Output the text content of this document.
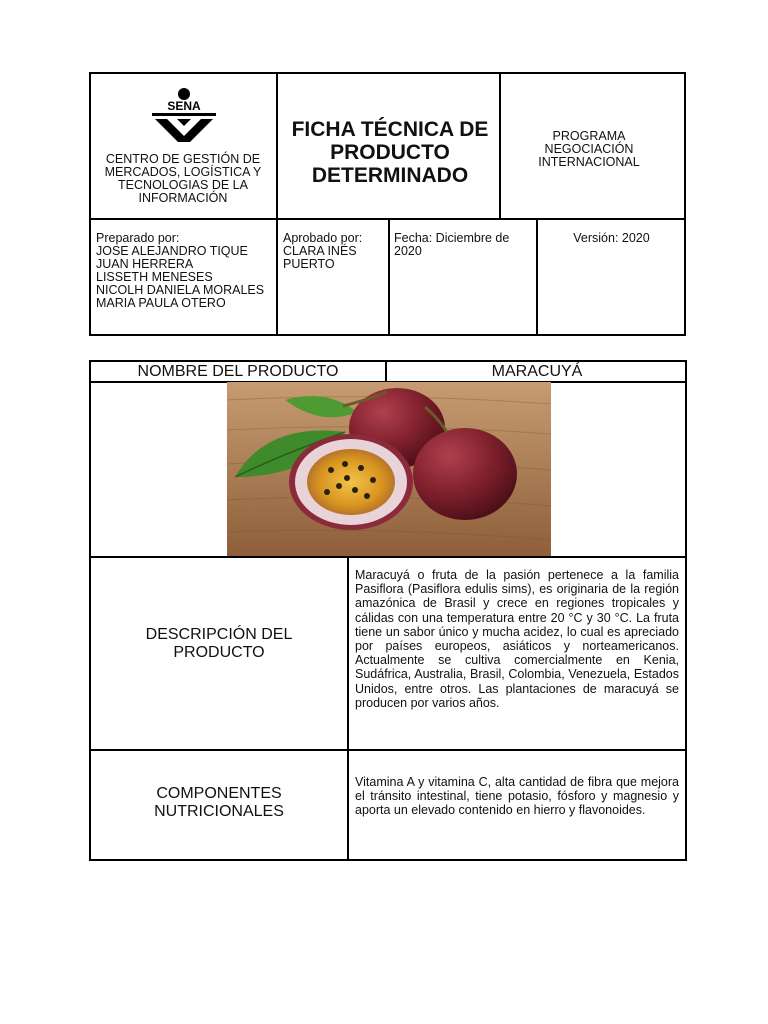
SENA
CENTRO DE GESTIÓN DE MERCADOS, LOGÍSTICA Y TECNOLOGIAS DE LA INFORMACIÓN
FICHA TÉCNICA DE PRODUCTO DETERMINADO
PROGRAMA NEGOCIACIÓN INTERNACIONAL
Preparado por:
JOSE ALEJANDRO TIQUE
JUAN HERRERA
LISSETH MENESES
NICOLH DANIELA MORALES
MARIA PAULA OTERO
Aprobado por:
CLARA INÉS PUERTO
Fecha: Diciembre de 2020
Versión: 2020
NOMBRE DEL PRODUCTO	MARACUYÁ
DESCRIPCIÓN DEL PRODUCTO
Maracuyá o fruta de la pasión pertenece a la familia Pasiflora (Pasiflora edulis sims), es originaria de la región amazónica de Brasil y crece en regiones tropicales y cálidas con una temperatura entre 20 °C y 30 °C. La fruta tiene un sabor único y mucha acidez, lo cual es apreciado por países europeos, asiáticos y norteamericanos. Actualmente se cultiva comercialmente en Kenia, Sudáfrica, Australia, Brasil, Colombia, Venezuela, Estados Unidos, entre otros. Las plantaciones de maracuyá se producen por varios años.
COMPONENTES NUTRICIONALES
Vitamina A y vitamina C, alta cantidad de fibra que mejora el tránsito intestinal, tiene potasio, fósforo y magnesio y aporta un elevado contenido en hierro y flavonoides.
